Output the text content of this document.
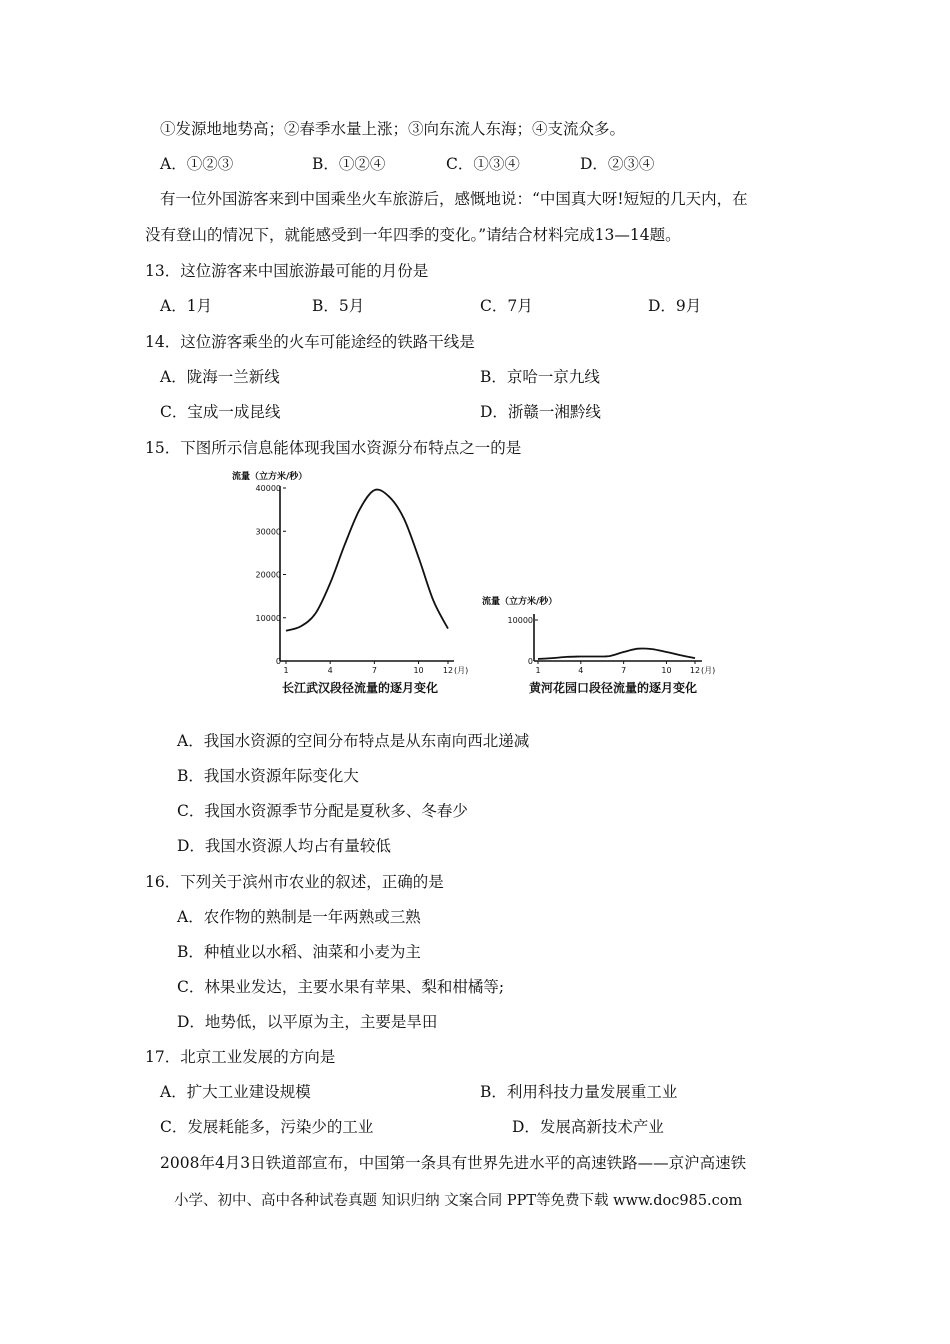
①发源地地势高；②春季水量上涨；③向东流人东海；④支流众多。
A．①②③	B．①②④	C．①③④	D．②③④
有一位外国游客来到中国乘坐火车旅游后，感慨地说：“中国真大呀!短短的几天内，在
没有登山的情况下，就能感受到一年四季的变化。”请结合材料完成13—14题。
13．这位游客来中国旅游最可能的月份是
A．1月	B．5月	C．7月	D．9月
14．这位游客乘坐的火车可能途经的铁路干线是
A．陇海一兰新线	B．京哈一京九线
C．宝成一成昆线	D．浙赣一湘黔线
15．下图所示信息能体现我国水资源分布特点之一的是
流量（立方米/秒）
0
10000
20000
30000
40000
1	4	7	10 12 (月)
长江武汉段径流量的逐月变化
流量（立方米/秒）
0
10000
1	4	7	10 12 (月)
黄河花园口段径流量的逐月变化
A．我国水资源的空间分布特点是从东南向西北递减
B．我国水资源年际变化大
C．我国水资源季节分配是夏秋多、冬春少
D．我国水资源人均占有量较低
16．下列关于滨州市农业的叙述，正确的是
A．农作物的熟制是一年两熟或三熟
B．种植业以水稻、油菜和小麦为主
C．林果业发达，主要水果有苹果、梨和柑橘等;
D．地势低，以平原为主，主要是旱田
17．北京工业发展的方向是
A．扩大工业建设规模	B．利用科技力量发展重工业
C．发展耗能多，污染少的工业	D．发展高新技术产业
2008年4月3日铁道部宣布，中国第一条具有世界先进水平的高速铁路——京沪高速铁
小学、初中、高中各种试卷真题 知识归纳 文案合同 PPT等免费下载 www.doc985.com
